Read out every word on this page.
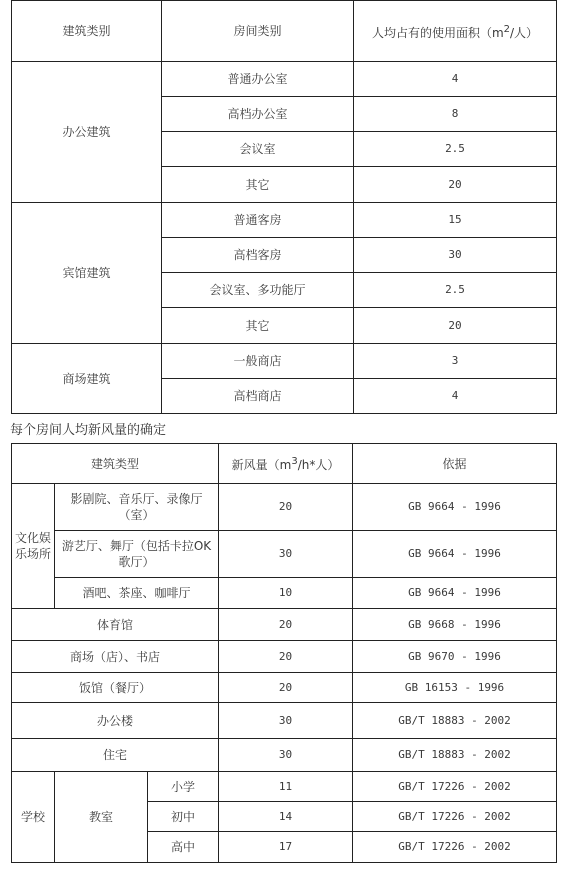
建筑类别	房间类别	人均占有的使用面积（$m^2/$人）
办公建筑	普通办公室	4
	高档办公室	8
	会议室	2.5
	其它	20
宾馆建筑	普通客房	15
	高档客房	30
	会议室、多功能厅	2.5
	其它	20
商场建筑	一般商店	3
	高档商店	4
每个房间人均新风量的确定
建筑类型			新风量（$m^3/h*$人）	依据
文化娱乐场所	影剧院、音乐厅、录像厅（室）		20	GB 9664 - 1996
	游艺厅、舞厅（包括卡拉OK歌厅）		30	GB 9664 - 1996
	酒吧、茶座、咖啡厅		10	GB 9664 - 1996
体育馆			20	GB 9668 - 1996
商场（店）、书店			20	GB 9670 - 1996
饭馆（餐厅）			20	GB 16153 - 1996
办公楼			30	GB/T 18883 - 2002
住宅			30	GB/T 18883 - 2002
学校	教室	小学	11	GB/T 17226 - 2002
		初中	14	GB/T 17226 - 2002
		高中	17	GB/T 17226 - 2002
